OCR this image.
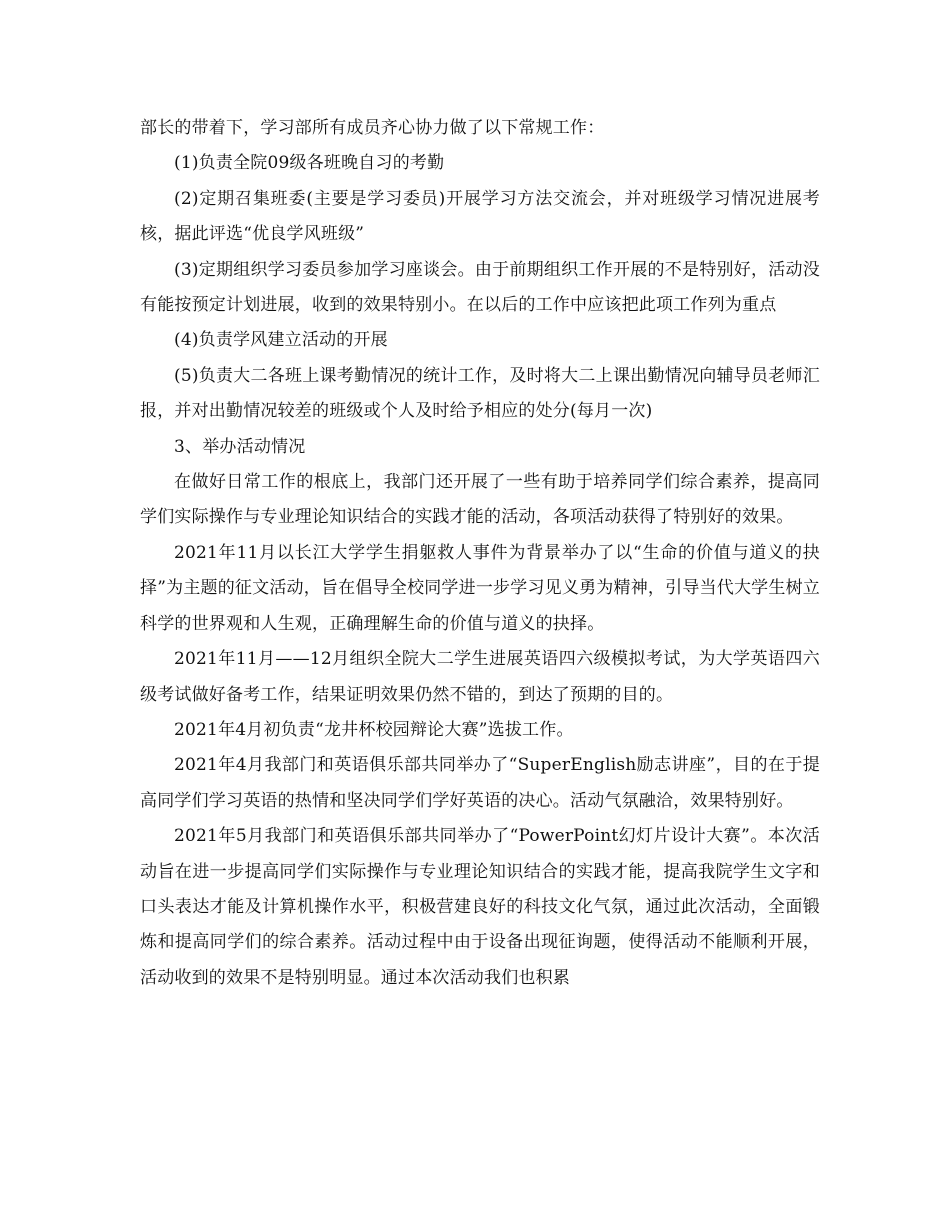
部长的带着下，学习部所有成员齐心协力做了以下常规工作：

(1)负责全院09级各班晚自习的考勤

(2)定期召集班委(主要是学习委员)开展学习方法交流会，并对班级学习情况进展考核，据此评选“优良学风班级”

(3)定期组织学习委员参加学习座谈会。由于前期组织工作开展的不是特别好，活动没有能按预定计划进展，收到的效果特别小。在以后的工作中应该把此项工作列为重点

(4)负责学风建立活动的开展

(5)负责大二各班上课考勤情况的统计工作，及时将大二上课出勤情况向辅导员老师汇报，并对出勤情况较差的班级或个人及时给予相应的处分(每月一次)

3、举办活动情况

在做好日常工作的根底上，我部门还开展了一些有助于培养同学们综合素养，提高同学们实际操作与专业理论知识结合的实践才能的活动，各项活动获得了特别好的效果。

2021年11月以长江大学学生捐躯救人事件为背景举办了以“生命的价值与道义的抉择”为主题的征文活动，旨在倡导全校同学进一步学习见义勇为精神，引导当代大学生树立科学的世界观和人生观，正确理解生命的价值与道义的抉择。

2021年11月——12月组织全院大二学生进展英语四六级模拟考试，为大学英语四六级考试做好备考工作，结果证明效果仍然不错的，到达了预期的目的。

2021年4月初负责“龙井杯校园辩论大赛”选拔工作。

2021年4月我部门和英语俱乐部共同举办了“SuperEnglish励志讲座”，目的在于提高同学们学习英语的热情和坚决同学们学好英语的决心。活动气氛融洽，效果特别好。

2021年5月我部门和英语俱乐部共同举办了“PowerPoint幻灯片设计大赛”。本次活动旨在进一步提高同学们实际操作与专业理论知识结合的实践才能，提高我院学生文字和口头表达才能及计算机操作水平，积极营建良好的科技文化气氛，通过此次活动，全面锻炼和提高同学们的综合素养。活动过程中由于设备出现征询题，使得活动不能顺利开展，活动收到的效果不是特别明显。通过本次活动我们也积累
